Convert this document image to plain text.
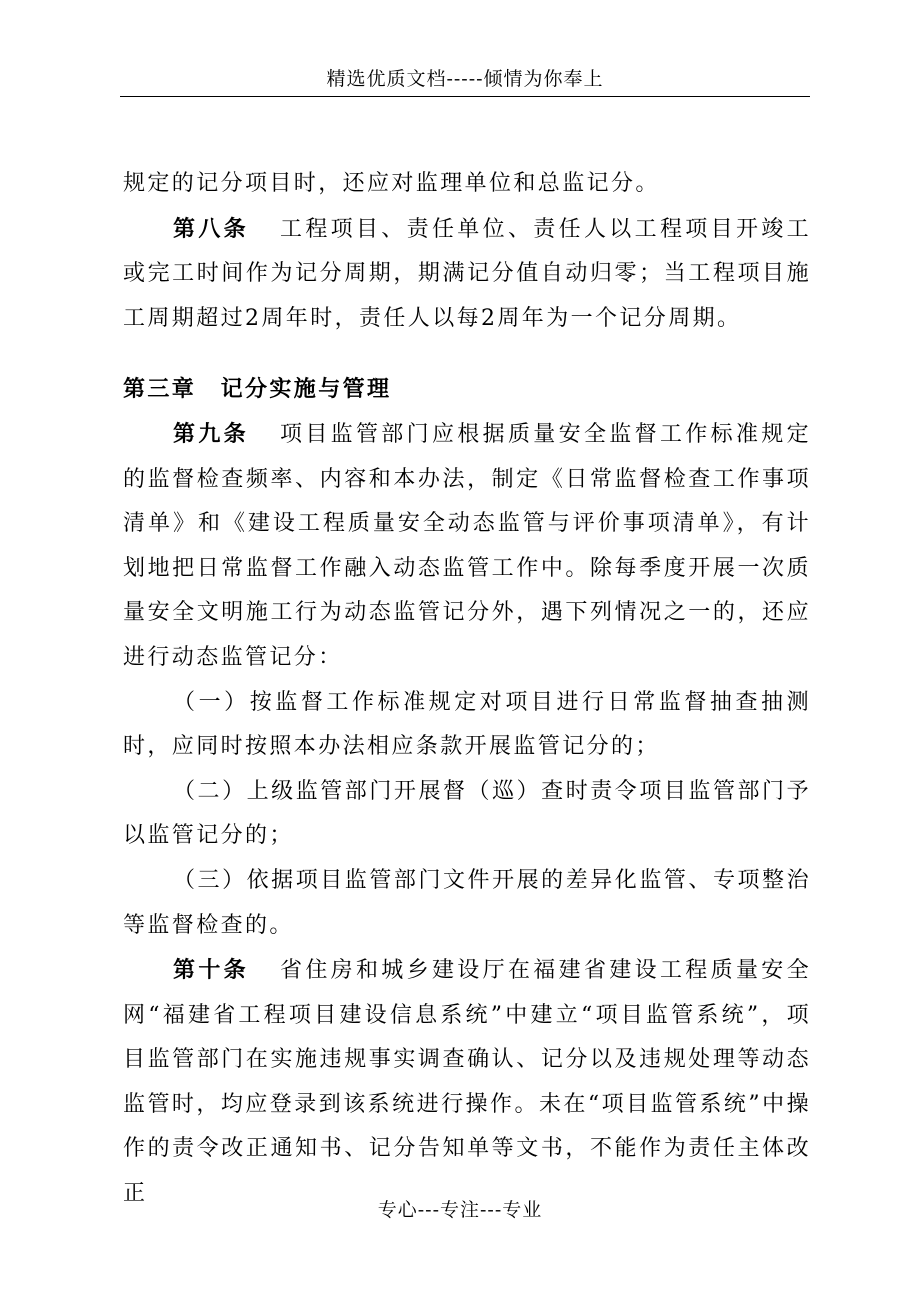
精选优质文档-----倾情为你奉上

规定的记分项目时，还应对监理单位和总监记分。

第八条 工程项目、责任单位、责任人以工程项目开竣工或完工时间作为记分周期，期满记分值自动归零；当工程项目施工周期超过2周年时，责任人以每2周年为一个记分周期。

第三章　记分实施与管理

第九条 项目监管部门应根据质量安全监督工作标准规定的监督检查频率、内容和本办法，制定《日常监督检查工作事项清单》和《建设工程质量安全动态监管与评价事项清单》，有计划地把日常监督工作融入动态监管工作中。除每季度开展一次质量安全文明施工行为动态监管记分外，遇下列情况之一的，还应进行动态监管记分：

（一）按监督工作标准规定对项目进行日常监督抽查抽测时，应同时按照本办法相应条款开展监管记分的；

（二）上级监管部门开展督（巡）查时责令项目监管部门予以监管记分的；

（三）依据项目监管部门文件开展的差异化监管、专项整治等监督检查的。

第十条 省住房和城乡建设厅在福建省建设工程质量安全网“福建省工程项目建设信息系统”中建立“项目监管系统”，项目监管部门在实施违规事实调查确认、记分以及违规处理等动态监管时，均应登录到该系统进行操作。未在“项目监管系统”中操作的责令改正通知书、记分告知单等文书，不能作为责任主体改正

专心---专注---专业
